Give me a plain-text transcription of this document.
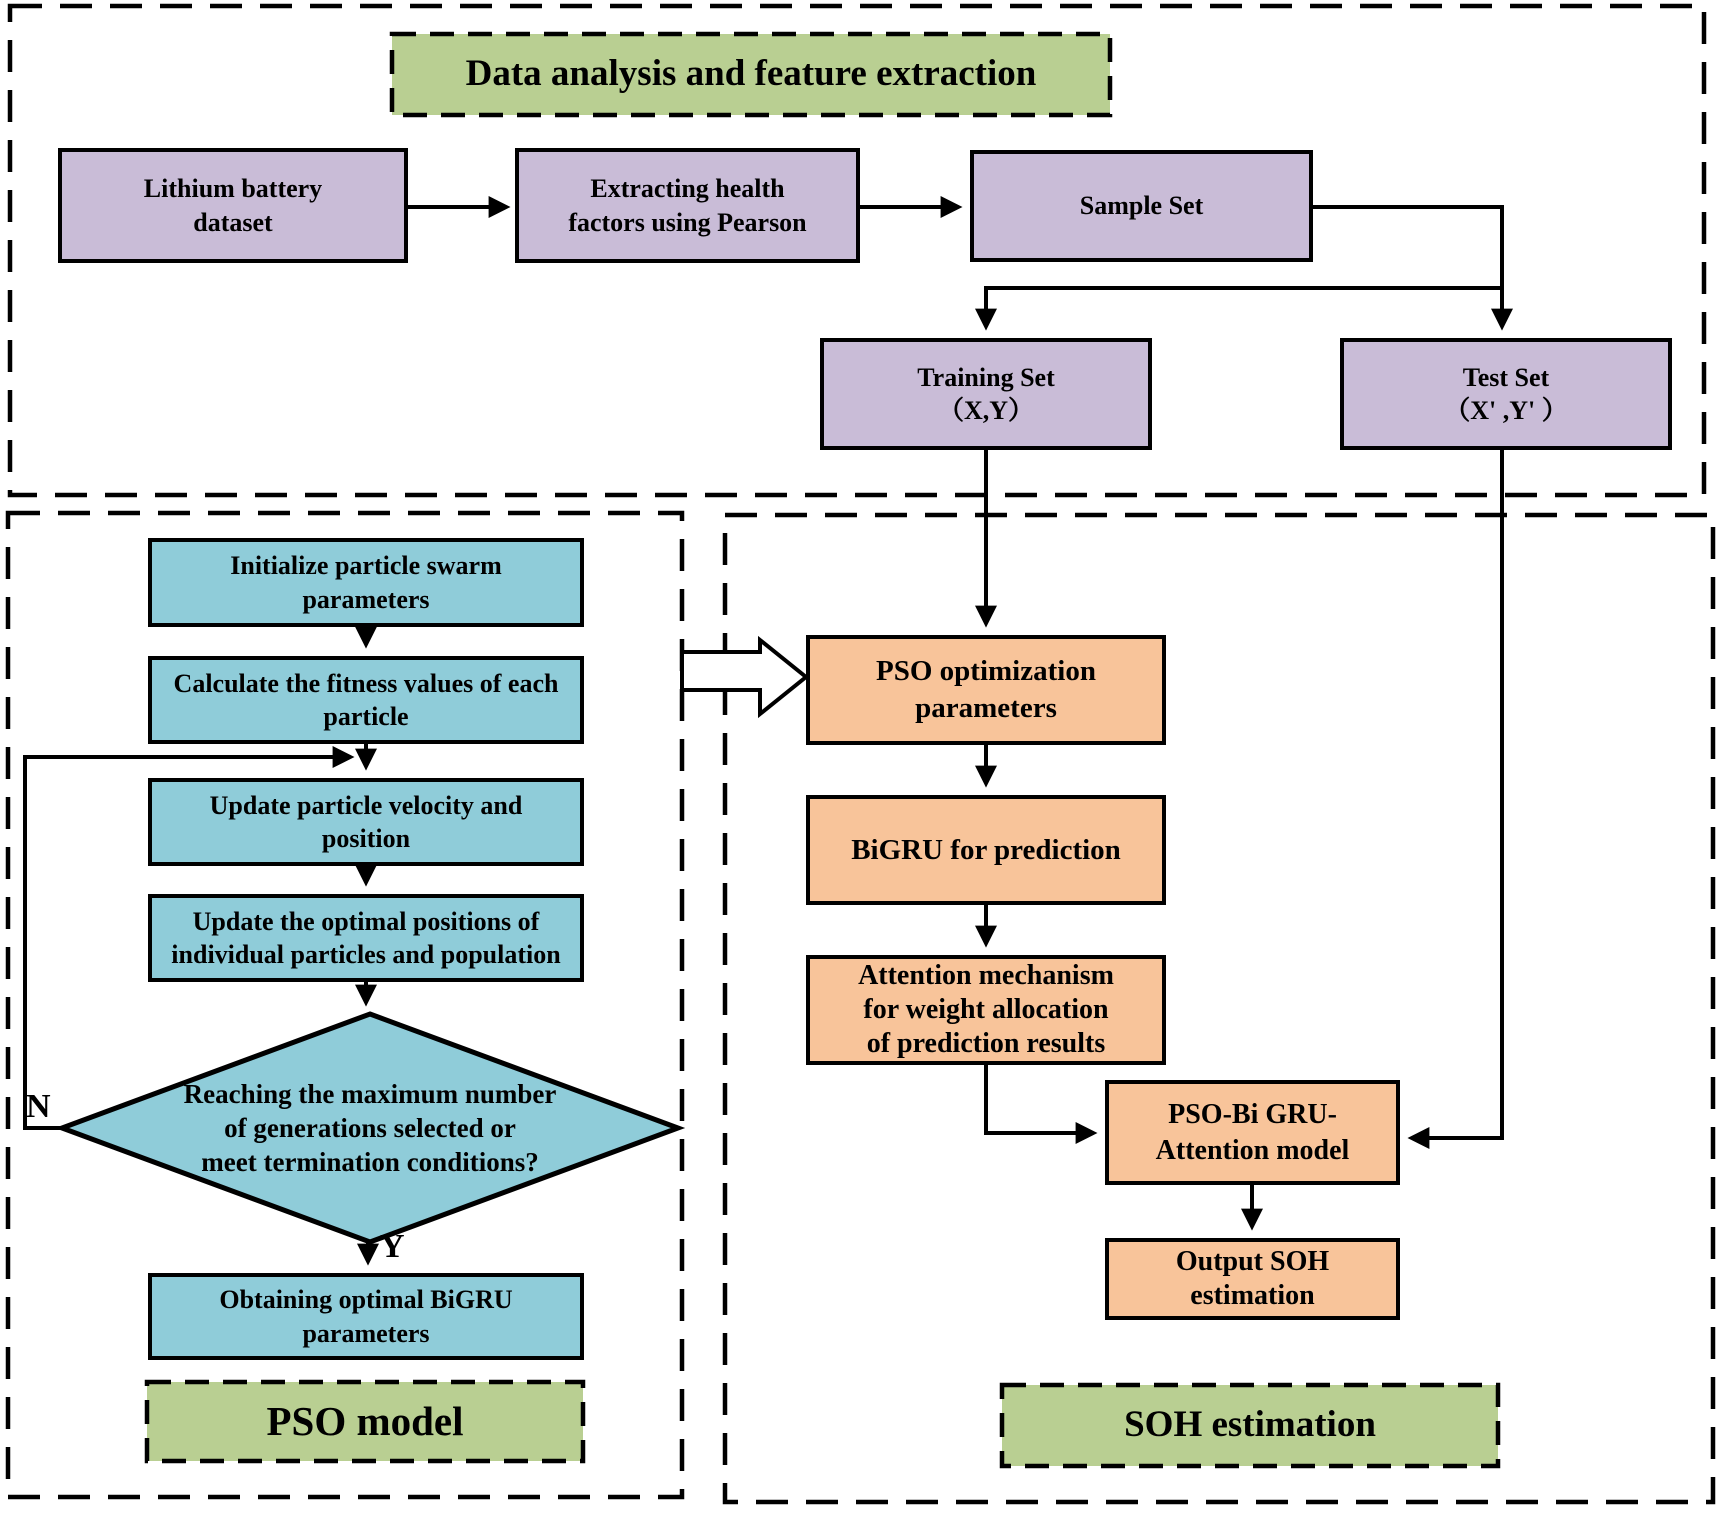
Data analysis and feature extraction
PSO model	SOH estimation
Lithium battery
dataset
Extracting health
factors using Pearson
Sample Set
Training Set
（X,Y）
Test Set
（X' ,Y' ）
Initialize particle swarm
parameters
Calculate the fitness values of each
particle
Update particle velocity and
position
Update the optimal positions of
individual particles and population
Reaching the maximum number
of generations selected or
meet termination conditions?
Obtaining optimal BiGRU
parameters
PSO optimization
parameters
BiGRU for prediction
Attention mechanism
for weight allocation
of prediction results
PSO-Bi GRU-
Attention model
Output SOH
estimation
N
Y
